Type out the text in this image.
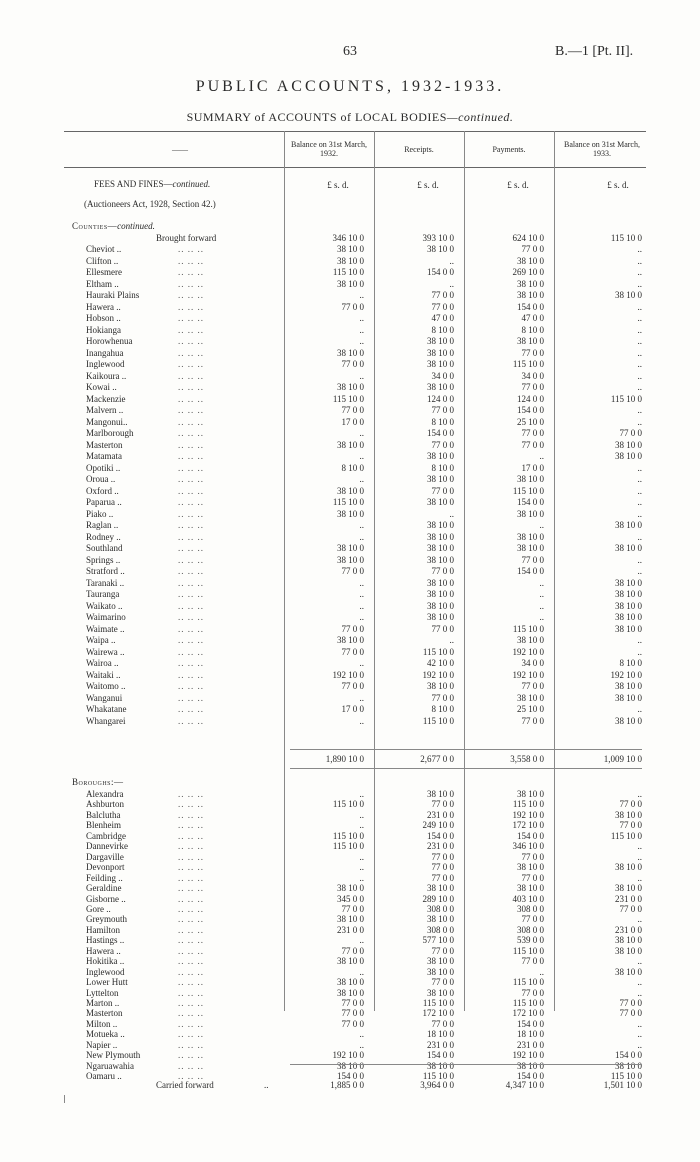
63	B.—1 [Pt. II].
PUBLIC ACCOUNTS, 1932-1933.
SUMMARY of ACCOUNTS of LOCAL BODIES—continued.
——
Balance on 31st March, 1932.	Receipts.	Payments.
Balance on 31st March, 1933.
FEES AND FINES—continued.	£ s. d.	£ s. d.	£ s. d.	£ s. d.
(Auctioneers Act, 1928, Section 42.)
Counties—continued.
Brought forward	346 10 0	393 10 0	624 10 0	115 10 0
Cheviot ..	.. .. ..	38 10 0	38 10 0	77 0 0	..
Clifton ..	.. .. ..	38 10 0	..	38 10 0	..
Ellesmere	.. .. ..	115 10 0	154 0 0	269 10 0	..
Eltham ..	.. .. ..	38 10 0	..	38 10 0	..
Hauraki Plains	.. .. ..	..	77 0 0	38 10 0	38 10 0
Hawera ..	.. .. ..	77 0 0	77 0 0	154 0 0	..
Hobson ..	.. .. ..	..	47 0 0	47 0 0	..
Hokianga	.. .. ..	..	8 10 0	8 10 0	..
Horowhenua	.. .. ..	..	38 10 0	38 10 0	..
Inangahua	.. .. ..	38 10 0	38 10 0	77 0 0	..
Inglewood	.. .. ..	77 0 0	38 10 0	115 10 0	..
Kaikoura ..	.. .. ..	..	34 0 0	34 0 0	..
Kowai ..	.. .. ..	38 10 0	38 10 0	77 0 0	..
Mackenzie	.. .. ..	115 10 0	124 0 0	124 0 0	115 10 0
Malvern ..	.. .. ..	77 0 0	77 0 0	154 0 0	..
Mangonui..	.. .. ..	17 0 0	8 10 0	25 10 0	..
Marlborough	.. .. ..	..	154 0 0	77 0 0	77 0 0
Masterton	.. .. ..	38 10 0	77 0 0	77 0 0	38 10 0
Matamata	.. .. ..	..	38 10 0	..	38 10 0
Opotiki ..	.. .. ..	8 10 0	8 10 0	17 0 0	..
Oroua ..	.. .. ..	..	38 10 0	38 10 0	..
Oxford ..	.. .. ..	38 10 0	77 0 0	115 10 0	..
Paparua ..	.. .. ..	115 10 0	38 10 0	154 0 0	..
Piako ..	.. .. ..	38 10 0	..	38 10 0	..
Raglan ..	.. .. ..	..	38 10 0	..	38 10 0
Rodney ..	.. .. ..	..	38 10 0	38 10 0	..
Southland	.. .. ..	38 10 0	38 10 0	38 10 0	38 10 0
Springs ..	.. .. ..	38 10 0	38 10 0	77 0 0	..
Stratford ..	.. .. ..	77 0 0	77 0 0	154 0 0	..
Taranaki ..	.. .. ..	..	38 10 0	..	38 10 0
Tauranga	.. .. ..	..	38 10 0	..	38 10 0
Waikato ..	.. .. ..	..	38 10 0	..	38 10 0
Waimarino	.. .. ..	..	38 10 0	..	38 10 0
Waimate ..	.. .. ..	77 0 0	77 0 0	115 10 0	38 10 0
Waipa ..	.. .. ..	38 10 0	..	38 10 0	..
Wairewa ..	.. .. ..	77 0 0	115 10 0	192 10 0	..
Wairoa ..	.. .. ..	..	42 10 0	34 0 0	8 10 0
Waitaki ..	.. .. ..	192 10 0	192 10 0	192 10 0	192 10 0
Waitomo ..	.. .. ..	77 0 0	38 10 0	77 0 0	38 10 0
Wanganui	.. .. ..	..	77 0 0	38 10 0	38 10 0
Whakatane	.. .. ..	17 0 0	8 10 0	25 10 0	..
Whangarei	.. .. ..	..	115 10 0	77 0 0	38 10 0
1,890 10 0	2,677 0 0	3,558 0 0	1,009 10 0
Boroughs:—
Alexandra	.. .. ..	..	38 10 0	38 10 0	..
Ashburton	.. .. ..	115 10 0	77 0 0	115 10 0	77 0 0
Balclutha	.. .. ..	..	231 0 0	192 10 0	38 10 0
Blenheim	.. .. ..	..	249 10 0	172 10 0	77 0 0
Cambridge	.. .. ..	115 10 0	154 0 0	154 0 0	115 10 0
Dannevirke	.. .. ..	115 10 0	231 0 0	346 10 0	..
Dargaville	.. .. ..	..	77 0 0	77 0 0	..
Devonport	.. .. ..	..	77 0 0	38 10 0	38 10 0
Feilding ..	.. .. ..	..	77 0 0	77 0 0	..
Geraldine	.. .. ..	38 10 0	38 10 0	38 10 0	38 10 0
Gisborne ..	.. .. ..	345 0 0	289 10 0	403 10 0	231 0 0
Gore ..	.. .. ..	77 0 0	308 0 0	308 0 0	77 0 0
Greymouth	.. .. ..	38 10 0	38 10 0	77 0 0	..
Hamilton	.. .. ..	231 0 0	308 0 0	308 0 0	231 0 0
Hastings ..	.. .. ..	..	577 10 0	539 0 0	38 10 0
Hawera ..	.. .. ..	77 0 0	77 0 0	115 10 0	38 10 0
Hokitika ..	.. .. ..	38 10 0	38 10 0	77 0 0	..
Inglewood	.. .. ..	..	38 10 0	..	38 10 0
Lower Hutt	.. .. ..	38 10 0	77 0 0	115 10 0	..
Lyttelton	.. .. ..	38 10 0	38 10 0	77 0 0	..
Marton ..	.. .. ..	77 0 0	115 10 0	115 10 0	77 0 0
Masterton	.. .. ..	77 0 0	172 10 0	172 10 0	77 0 0
Milton ..	.. .. ..	77 0 0	77 0 0	154 0 0	..
Motueka ..	.. .. ..	..	18 10 0	18 10 0	..
Napier ..	.. .. ..	..	231 0 0	231 0 0	..
New Plymouth	.. .. ..	192 10 0	154 0 0	192 10 0	154 0 0
Ngaruawahia	.. .. ..	38 10 0	38 10 0	38 10 0	38 10 0
Oamaru ..	.. .. ..	154 0 0	115 10 0	154 0 0	115 10 0
Carried forward	..	1,885 0 0	3,964 0 0	4,347 10 0	1,501 10 0
